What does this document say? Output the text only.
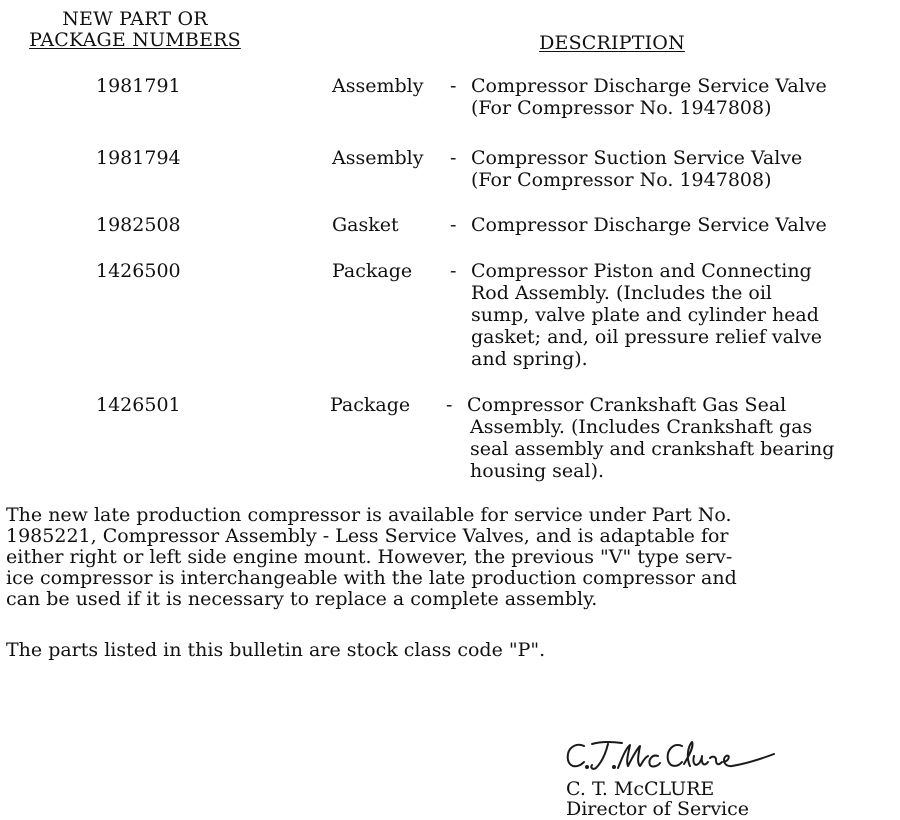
NEW PART OR
PACKAGE NUMBERS	DESCRIPTION
1981791	Assembly - Compressor Discharge Service Valve
(For Compressor No. 1947808)
1981794	Assembly - Compressor Suction Service Valve
(For Compressor No. 1947808)
1982508	Gasket	- Compressor Discharge Service Valve
1426500	Package - Compressor Piston and Connecting
Rod Assembly. (Includes the oil
sump, valve plate and cylinder head
gasket; and, oil pressure relief valve
and spring).
1426501	Package - Compressor Crankshaft Gas Seal
Assembly. (Includes Crankshaft gas
seal assembly and crankshaft bearing
housing seal).
The new late production compressor is available for service under Part No.
1985221, Compressor Assembly - Less Service Valves, and is adaptable for
either right or left side engine mount. However, the previous "V" type serv-
ice compressor is interchangeable with the late production compressor and
can be used if it is necessary to replace a complete assembly.
The parts listed in this bulletin are stock class code "P".
C. T. McCLURE
Director of Service
